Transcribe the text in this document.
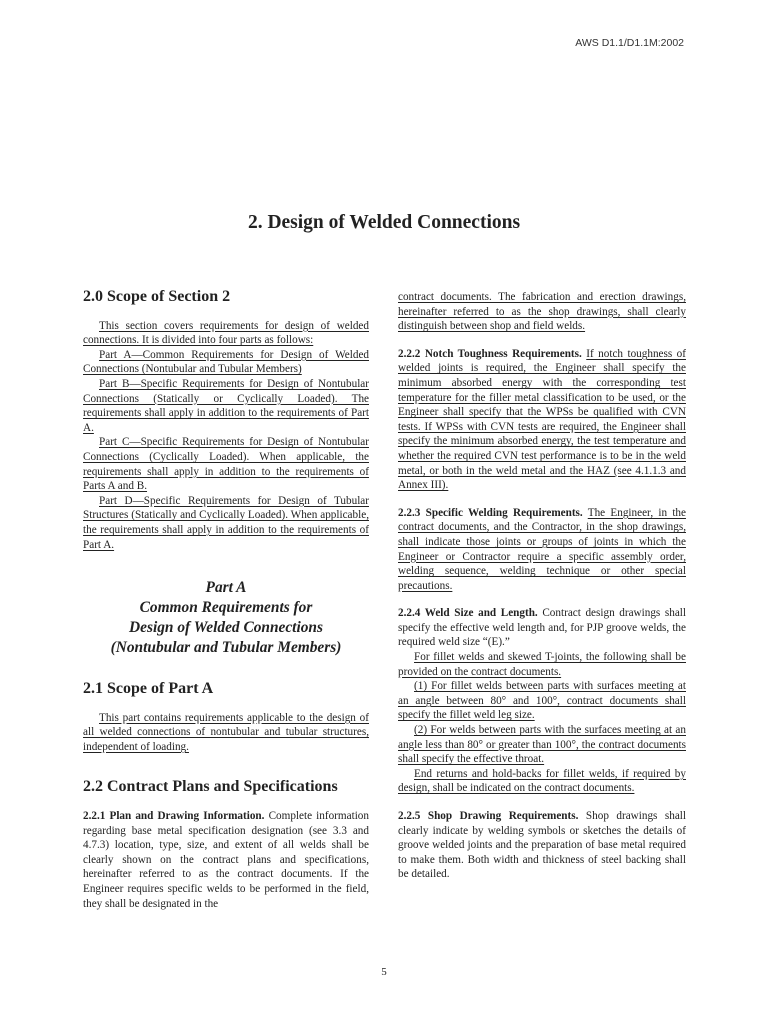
AWS D1.1/D1.1M:2002
2. Design of Welded Connections
2.0 Scope of Section 2

This section covers requirements for design of welded connections. It is divided into four parts as follows:

Part A—Common Requirements for Design of Welded Connections (Nontubular and Tubular Members)

Part B—Specific Requirements for Design of Nontubular Connections (Statically or Cyclically Loaded). The requirements shall apply in addition to the requirements of Part A.

Part C—Specific Requirements for Design of Nontubular Connections (Cyclically Loaded). When applicable, the requirements shall apply in addition to the requirements of Parts A and B.

Part D—Specific Requirements for Design of Tubular Structures (Statically and Cyclically Loaded). When applicable, the requirements shall apply in addition to the requirements of Part A.

Part A
Common Requirements for
Design of Welded Connections
(Nontubular and Tubular Members)
2.1 Scope of Part A

This part contains requirements applicable to the design of all welded connections of nontubular and tubular structures, independent of loading.

2.2 Contract Plans and Specifications

2.2.1 Plan and Drawing Information. Complete information regarding base metal specification designation (see 3.3 and 4.7.3) location, type, size, and extent of all welds shall be clearly shown on the contract plans and specifications, hereinafter referred to as the contract documents. If the Engineer requires specific welds to be performed in the field, they shall be designated in the

contract documents. The fabrication and erection drawings, hereinafter referred to as the shop drawings, shall clearly distinguish between shop and field welds.

2.2.2 Notch Toughness Requirements. If notch toughness of welded joints is required, the Engineer shall specify the minimum absorbed energy with the corresponding test temperature for the filler metal classification to be used, or the Engineer shall specify that the WPSs be qualified with CVN tests. If WPSs with CVN tests are required, the Engineer shall specify the minimum absorbed energy, the test temperature and whether the required CVN test performance is to be in the weld metal, or both in the weld metal and the HAZ (see 4.1.1.3 and Annex III).

2.2.3 Specific Welding Requirements. The Engineer, in the contract documents, and the Contractor, in the shop drawings, shall indicate those joints or groups of joints in which the Engineer or Contractor require a specific assembly order, welding sequence, welding technique or other special precautions.

2.2.4 Weld Size and Length. Contract design drawings shall specify the effective weld length and, for PJP groove welds, the required weld size “(E).”

For fillet welds and skewed T-joints, the following shall be provided on the contract documents.

(1) For fillet welds between parts with surfaces meeting at an angle between 80° and 100°, contract documents shall specify the fillet weld leg size.

(2) For welds between parts with the surfaces meeting at an angle less than 80° or greater than 100°, the contract documents shall specify the effective throat.

End returns and hold-backs for fillet welds, if required by design, shall be indicated on the contract documents.

2.2.5 Shop Drawing Requirements. Shop drawings shall clearly indicate by welding symbols or sketches the details of groove welded joints and the preparation of base metal required to make them. Both width and thickness of steel backing shall be detailed.

5
